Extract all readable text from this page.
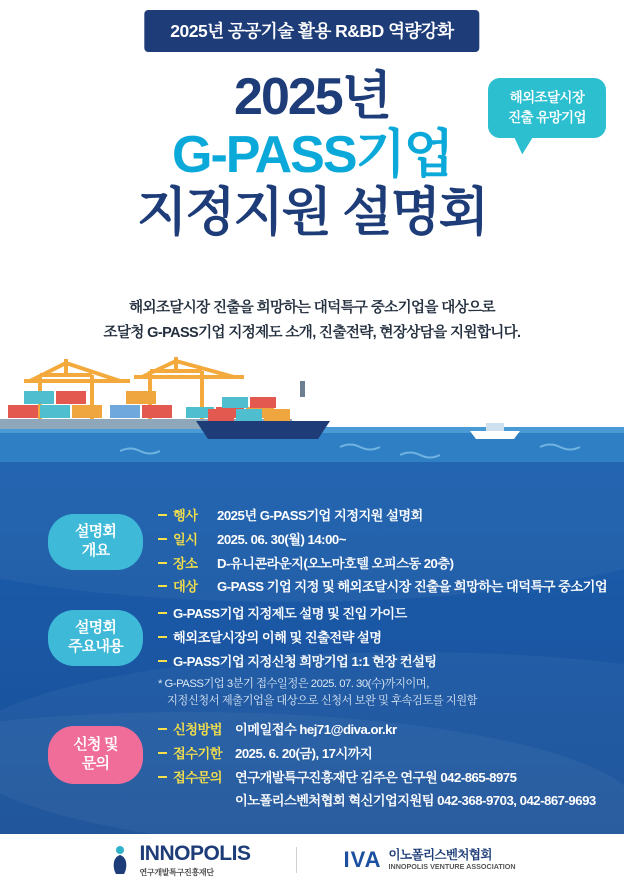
2025년 공공기술 활용 R&BD 역량강화
2025년
G-PASS기업
지정지원 설명회
해외조달시장
진출 유망기업
해외조달시장 진출을 희망하는 대덕특구 중소기업을 대상으로
조달청 G-PASS기업 지정제도 소개, 진출전략, 현장상담을 지원합니다.
설명회
개요
행사	2025년 G-PASS기업 지정지원 설명회
일시	2025. 06. 30(월) 14:00~
장소	D-유니콘라운지(오노마호텔 오피스동 20층)
대상	G-PASS 기업 지정 및 해외조달시장 진출을 희망하는 대덕특구 중소기업
설명회
주요내용
G-PASS기업 지정제도 설명 및 진입 가이드
해외조달시장의 이해 및 진출전략 설명
G-PASS기업 지정신청 희망기업 1:1 현장 컨설팅
* G-PASS기업 3분기 접수일정은 2025. 07. 30(수)까지이며,
지정신청서 제출기업을 대상으로 신청서 보완 및 후속검토를 지원함
신청 및
문의
신청방법 이메일접수 hej71@diva.or.kr
접수기한 2025. 6. 20(금), 17시까지
접수문의 연구개발특구진흥재단 김주은 연구원 042-865-8975
이노폴리스벤처협회 혁신기업지원팀 042-368-9703, 042-867-9693
INNOPOLIS
연구개발특구진흥재단
IVA 이노폴리스벤처협회
INNOPOLIS VENTURE ASSOCIATION
